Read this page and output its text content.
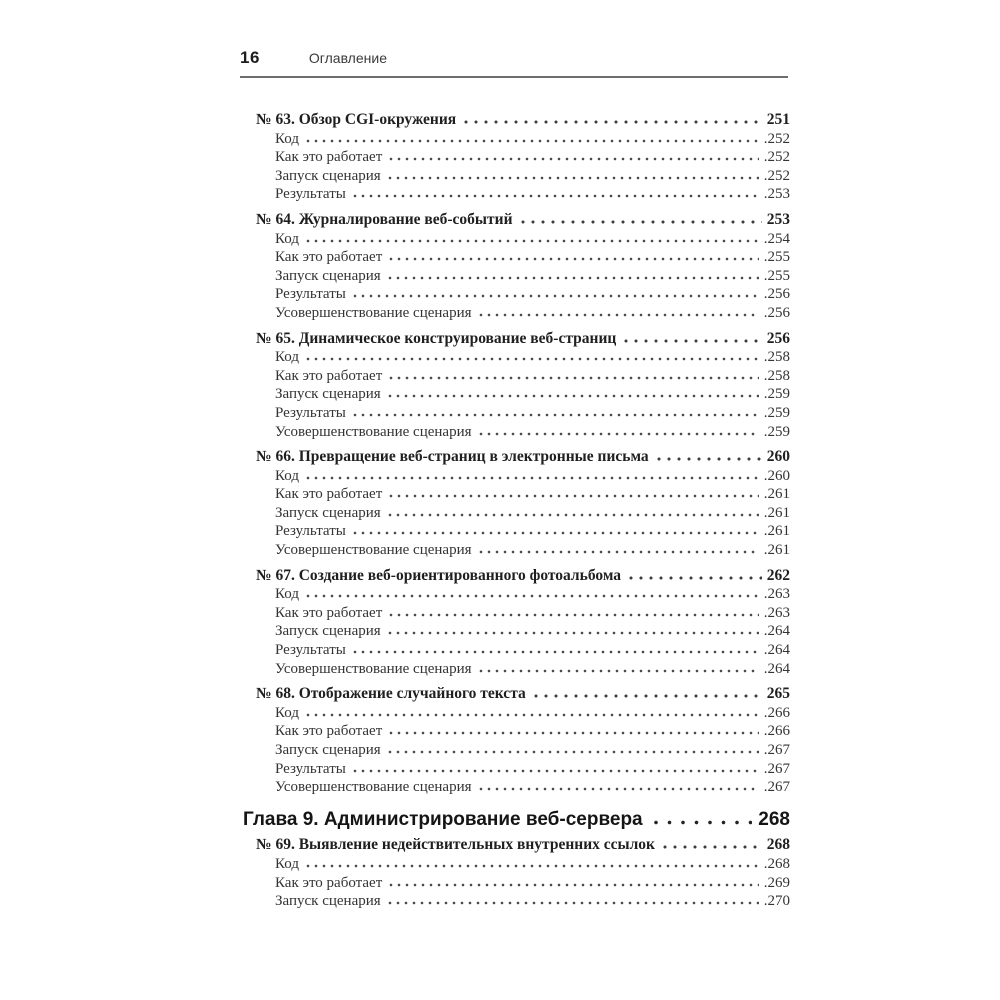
16	Оглавление
№ 63. Обзор CGI-окружения	251
Код	.252
Как это работает	.252
Запуск сценария	.252
Результаты	.253
№ 64. Журналирование веб-событий	253
Код	.254
Как это работает	.255
Запуск сценария	.255
Результаты	.256
Усовершенствование сценария	.256
№ 65. Динамическое конструирование веб-страниц	256
Код	.258
Как это работает	.258
Запуск сценария	.259
Результаты	.259
Усовершенствование сценария	.259
№ 66. Превращение веб-страниц в электронные письма	260
Код	.260
Как это работает	.261
Запуск сценария	.261
Результаты	.261
Усовершенствование сценария	.261
№ 67. Создание веб-ориентированного фотоальбома	262
Код	.263
Как это работает	.263
Запуск сценария	.264
Результаты	.264
Усовершенствование сценария	.264
№ 68. Отображение случайного текста	265
Код	.266
Как это работает	.266
Запуск сценария	.267
Результаты	.267
Усовершенствование сценария	.267
Глава 9. Администрирование веб-сервера	268
№ 69. Выявление недействительных внутренних ссылок	268
Код	.268
Как это работает	.269
Запуск сценария	.270
